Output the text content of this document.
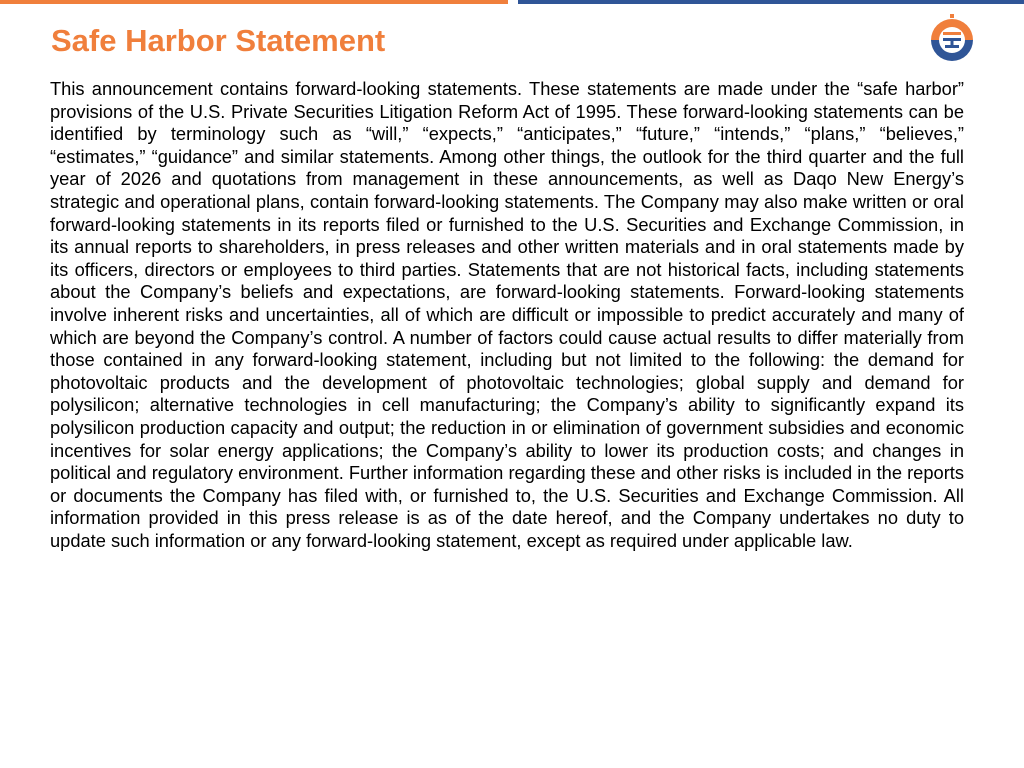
Safe Harbor Statement

This announcement contains forward-looking statements. These statements are made under the “safe harbor” provisions of the U.S. Private Securities Litigation Reform Act of 1995. These forward-looking statements can be identified by terminology such as “will,” “expects,” “anticipates,” “future,” “intends,” “plans,” “believes,” “estimates,” “guidance” and similar statements. Among other things, the outlook for the third quarter and the full year of 2026 and quotations from management in these announcements, as well as Daqo New Energy’s strategic and operational plans, contain forward-looking statements. The Company may also make written or oral forward-looking statements in its reports filed or furnished to the U.S. Securities and Exchange Commission, in its annual reports to shareholders, in press releases and other written materials and in oral statements made by its officers, directors or employees to third parties. Statements that are not historical facts, including statements about the Company’s beliefs and expectations, are forward-looking statements. Forward-looking statements involve inherent risks and uncertainties, all of which are difficult or impossible to predict accurately and many of which are beyond the Company’s control. A number of factors could cause actual results to differ materially from those contained in any forward-looking statement, including but not limited to the following: the demand for photovoltaic products and the development of photovoltaic technologies; global supply and demand for polysilicon; alternative technologies in cell manufacturing; the Company’s ability to significantly expand its polysilicon production capacity and output; the reduction in or elimination of government subsidies and economic incentives for solar energy applications; the Company’s ability to lower its production costs; and changes in political and regulatory environment. Further information regarding these and other risks is included in the reports or documents the Company has filed with, or furnished to, the U.S. Securities and Exchange Commission. All information provided in this press release is as of the date hereof, and the Company undertakes no duty to update such information or any forward-looking statement, except as required under applicable law.
